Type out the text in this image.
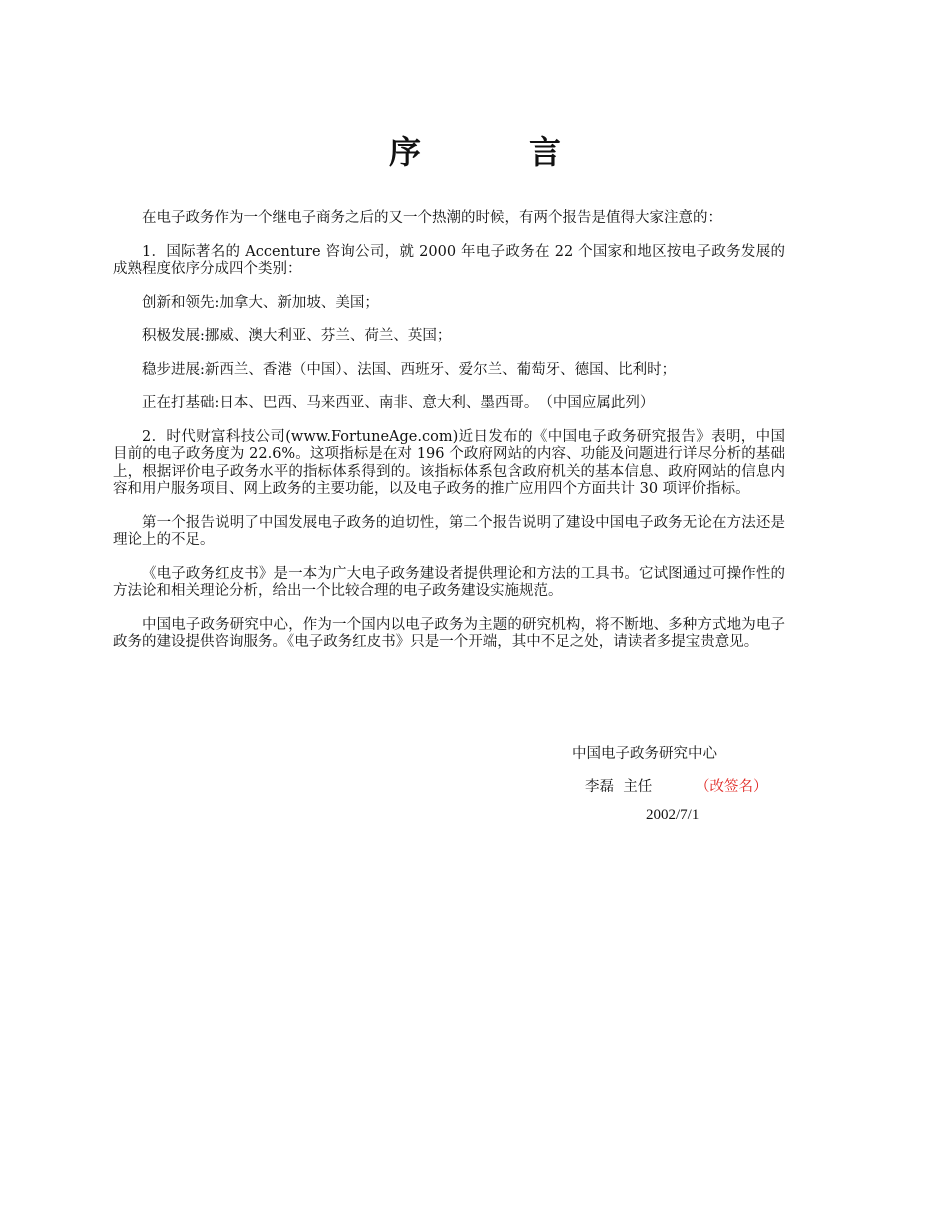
序　言

在电子政务作为一个继电子商务之后的又一个热潮的时候，有两个报告是值得大家注意的：

1．国际著名的 Accenture 咨询公司，就 2000 年电子政务在 22 个国家和地区按电子政务发展的成熟程度依序分成四个类别：

创新和领先:加拿大、新加坡、美国；

积极发展:挪威、澳大利亚、芬兰、荷兰、英国；

稳步进展:新西兰、香港（中国）、法国、西班牙、爱尔兰、葡萄牙、德国、比利时；

正在打基础:日本、巴西、马来西亚、南非、意大利、墨西哥。　（中国应属此列）

2．时代财富科技公司(www.FortuneAge.com)近日发布的《中国电子政务研究报告》表明，中国目前的电子政务度为 22.6%。这项指标是在对 196 个政府网站的内容、功能及问题进行详尽分析的基础上，根据评价电子政务水平的指标体系得到的。该指标体系包含政府机关的基本信息、政府网站的信息内容和用户服务项目、网上政务的主要功能，以及电子政务的推广应用四个方面共计 30 项评价指标。

第一个报告说明了中国发展电子政务的迫切性，第二个报告说明了建设中国电子政务无论在方法还是理论上的不足。

《电子政务红皮书》是一本为广大电子政务建设者提供理论和方法的工具书。它试图通过可操作性的方法论和相关理论分析，给出一个比较合理的电子政务建设实施规范。

中国电子政务研究中心，作为一个国内以电子政务为主题的研究机构，将不断地、多种方式地为电子政务的建设提供咨询服务。《电子政务红皮书》只是一个开端，其中不足之处，请读者多提宝贵意见。

中国电子政务研究中心
李磊  主任	（改签名）
2002/7/1
